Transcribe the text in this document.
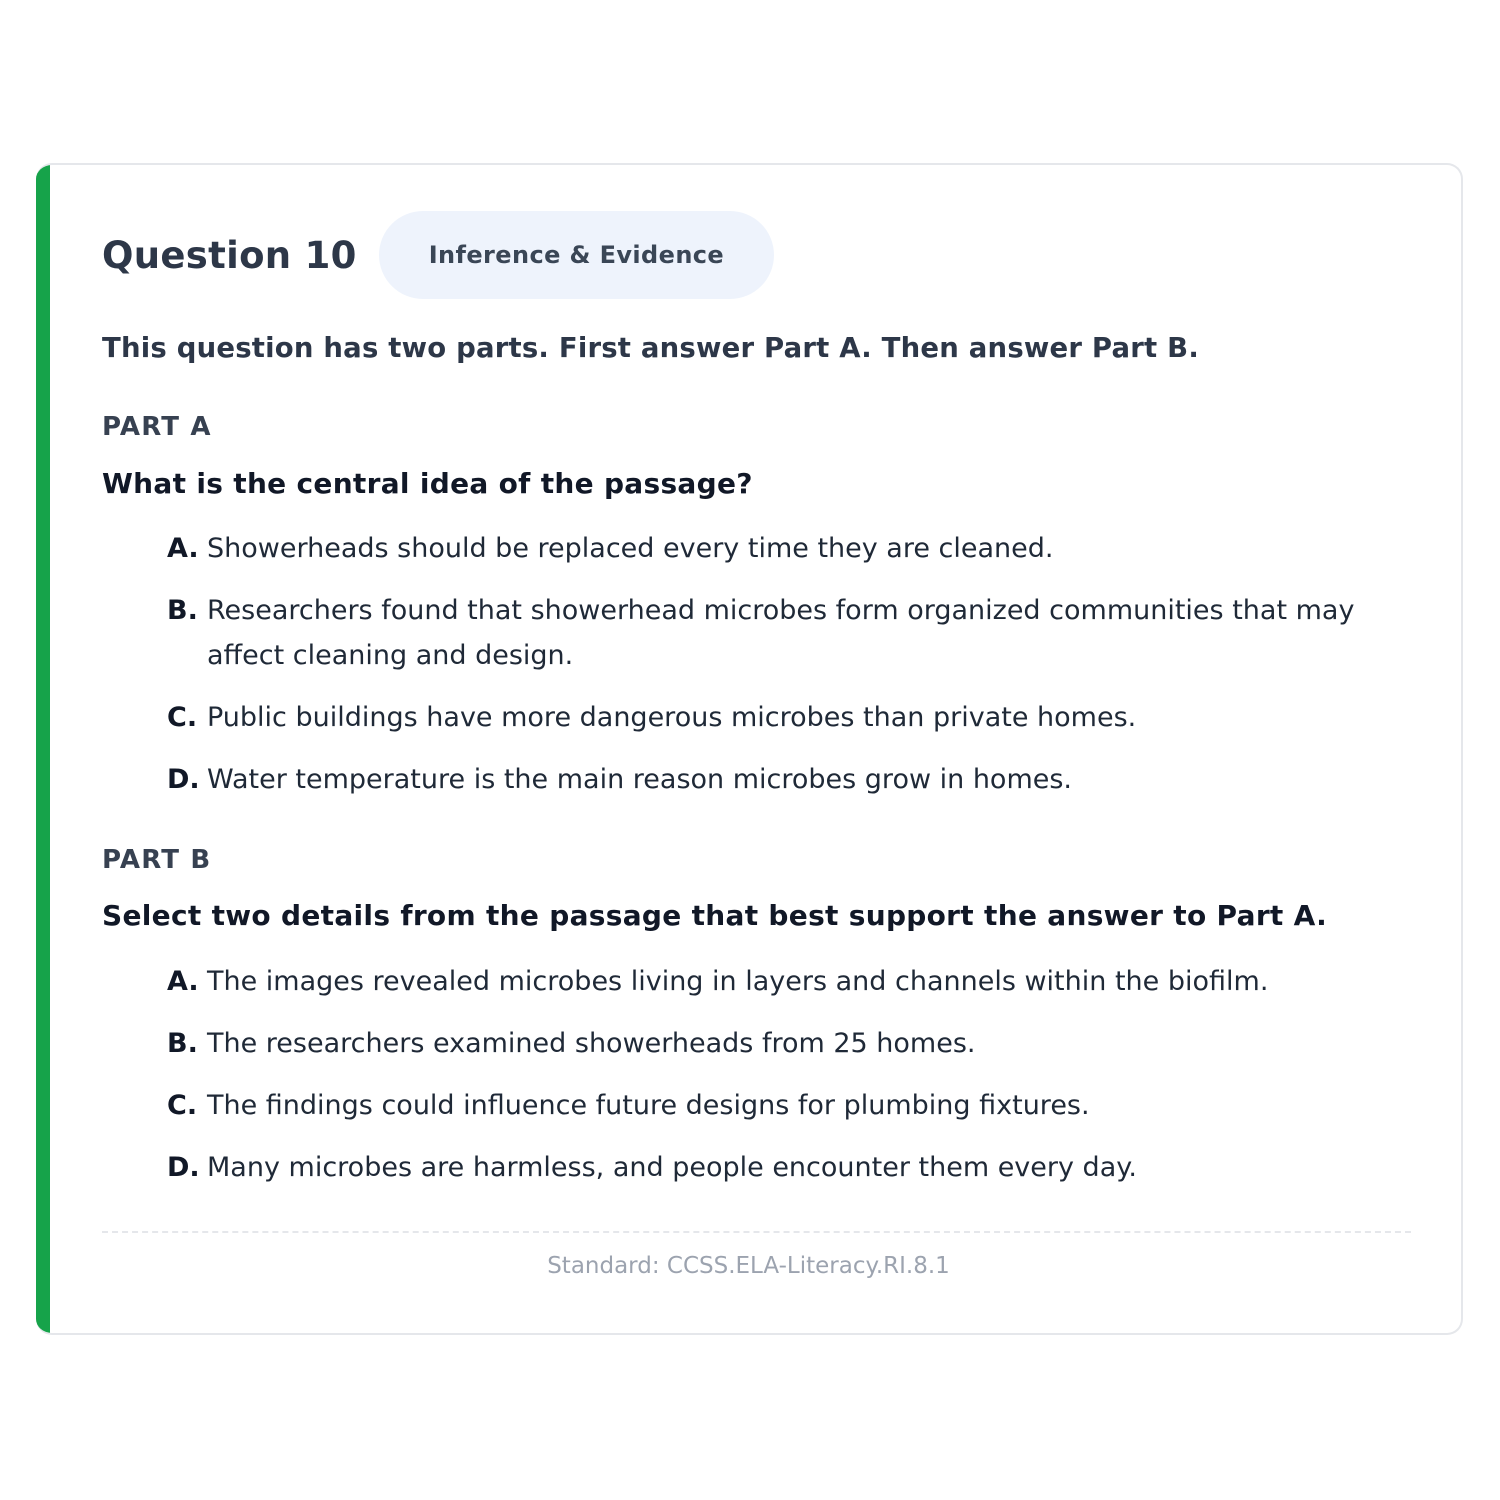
Question 10	Inference & Evidence
This question has two parts. First answer Part A. Then answer Part B.
PART A
What is the central idea of the passage?
A. Showerheads should be replaced every time they are cleaned.
B. Researchers found that showerhead microbes form organized communities that may affect cleaning and design.
C. Public buildings have more dangerous microbes than private homes.
D. Water temperature is the main reason microbes grow in homes.
PART B
Select two details from the passage that best support the answer to Part A.
A. The images revealed microbes living in layers and channels within the biofilm.
B. The researchers examined showerheads from 25 homes.
C. The findings could influence future designs for plumbing fixtures.
D. Many microbes are harmless, and people encounter them every day.
Standard: CCSS.ELA-Literacy.RI.8.1
